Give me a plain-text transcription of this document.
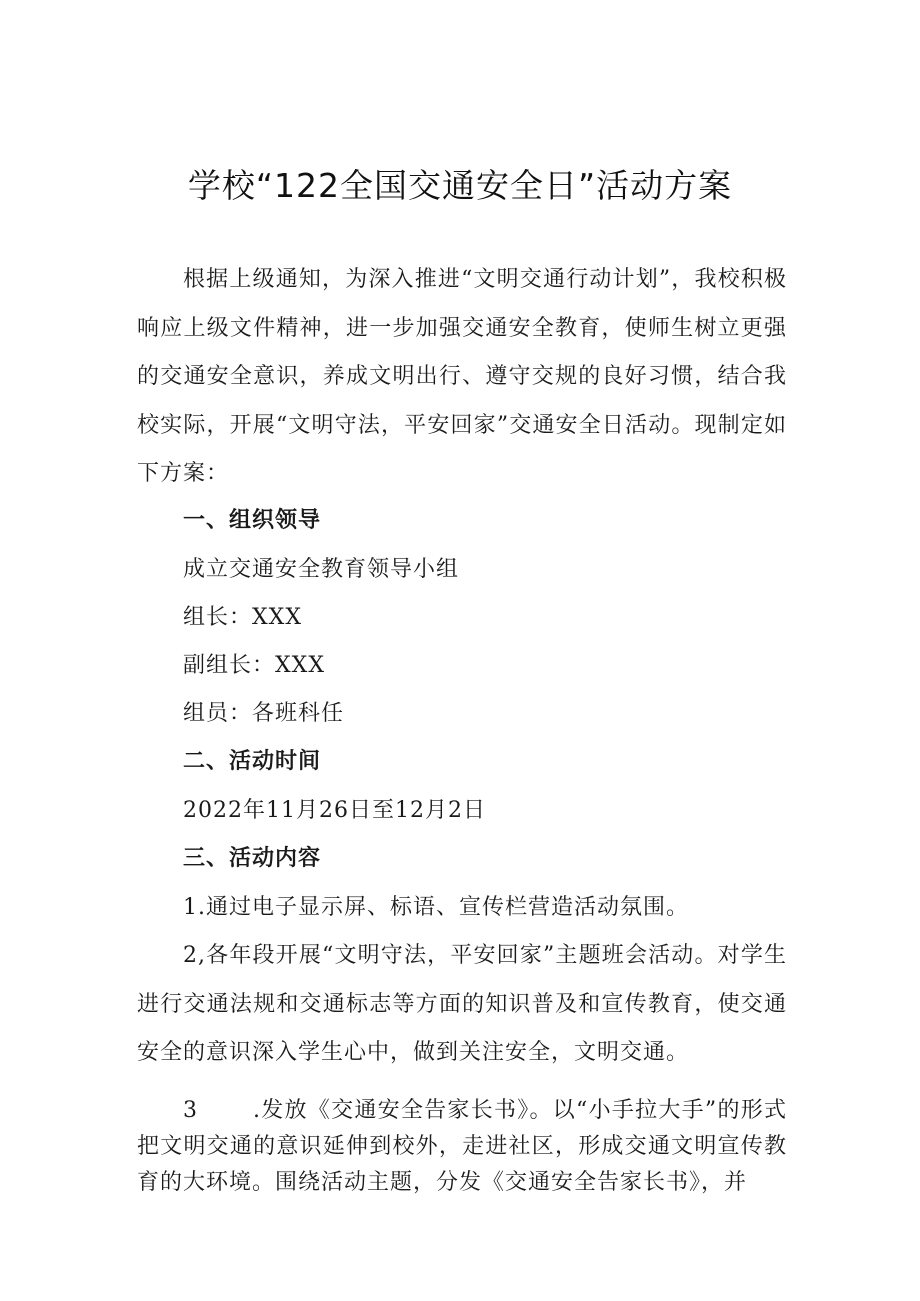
学校“122全国交通安全日”活动方案
根据上级通知，为深入推进“文明交通行动计划”，我校积极响应上级文件精神，进一步加强交通安全教育，使师生树立更强的交通安全意识，养成文明出行、遵守交规的良好习惯，结合我校实际，开展“文明守法，平安回家”交通安全日活动。现制定如下方案：
一、组织领导
成立交通安全教育领导小组
组长：XXX
副组长：XXX
组员：各班科任
二、活动时间
2022年11月26日至12月2日
三、活动内容
1.通过电子显示屏、标语、宣传栏营造活动氛围。
2,各年段开展“文明守法，平安回家”主题班会活动。对学生进行交通法规和交通标志等方面的知识普及和宣传教育，使交通安全的意识深入学生心中，做到关注安全，文明交通。
3	.发放《交通安全告家长书》。以“小手拉大手”的形式把文明交通的意识延伸到校外，走进社区，形成交通文明宣传教育的大环境。围绕活动主题，分发《交通安全告家长书》，并
